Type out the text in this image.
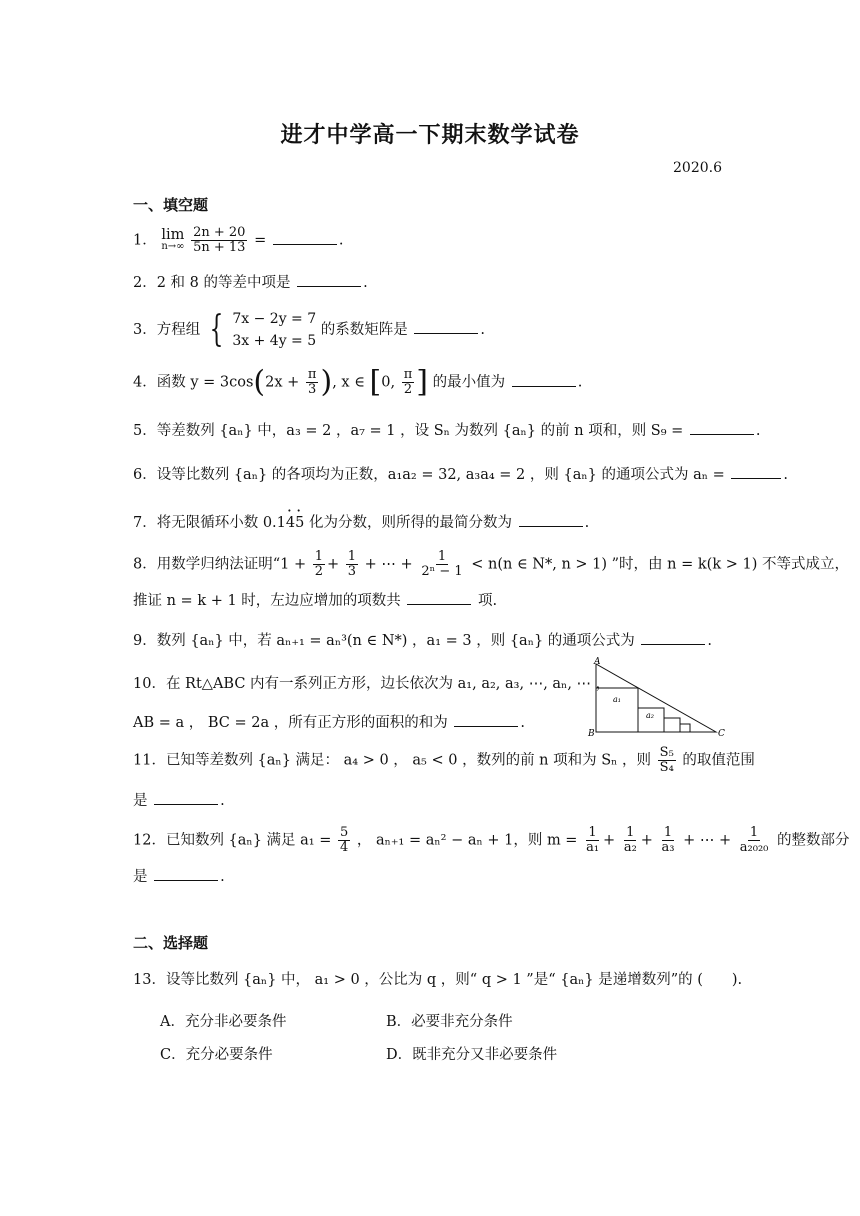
进才中学高一下期末数学试卷
2020.6
一、填空题
1． lim
n→∞
$\frac{2n + 20}{5n + 13}$ =	.
2．2 和 8 的等差中项是	.
3．方程组 { 7x − 2y = 7
3x + 4y = 5
的系数矩阵是	.
4．函数 $y = 3\cos(2x + \frac{\pi}{3}$ ), x ∈ [0, $\frac{\pi}{2}$ ] 的最小值为	.
5．等差数列 {aₙ} 中，a₃ = 2 ，a₇ = 1 ，设 Sₙ 为数列 {aₙ} 的前 n 项和，则 S₉ =	.
6．设等比数列 {aₙ} 的各项均为正数，a₁a₂ = 32, a₃a₄ = 2 ，则 {aₙ} 的通项公式为 aₙ =	.
7．将无限循环小数 0.1· 4· 5 化为分数，则所得的最简分数为	.
8．用数学归纳法证明“$1 + \frac{1}{2} + \frac{1}{3}$ + ⋯ + $\frac{1}{\text{2ⁿ − 1}} < n(n$ ∈ N*, n > 1) ”时，由 n = k(k > 1) 不等式成立，
推证 n = k + 1 时，左边应增加的项数共	项.
9．数列 {aₙ} 中，若 aₙ₊₁ = aₙ³(n ∈ N*) ，a₁ = 3 ，则 {aₙ} 的通项公式为	.
10．在 Rt△ABC 内有一系列正方形，边长依次为 a₁, a₂, a₃, ⋯, aₙ, ⋯ ，
AB = a ， BC = 2a ，所有正方形的面积的和为	.
A
B	C
a₁
a₂
11．已知等差数列 {aₙ} 满足： a₄ > 0 ， a₅ < 0 ，数列的前 n 项和为 Sₙ ，则 $\frac{\text{S₅}}{\text{S₄}}$ 的取值范围
是	.
12．已知数列 {aₙ} 满足 $a_1 = \frac{5}{4}$ ， aₙ₊₁ = aₙ² − aₙ + 1，则 $m = \frac{1}{\text{a₁}} + \frac{1}{\text{a₂}} + \frac{1}{\text{a₃}}$ + ⋯ + $\frac{1}{\text{a₂₀₂₀}}$ 的整数部分
是	.
二、选择题
13．设等比数列 {aₙ} 中， a₁ > 0 ，公比为 q ，则“ q > 1 ”是“ {aₙ} 是递增数列”的 (　　).
A．充分非必要条件	B．必要非充分条件
C．充分必要条件	D．既非充分又非必要条件
